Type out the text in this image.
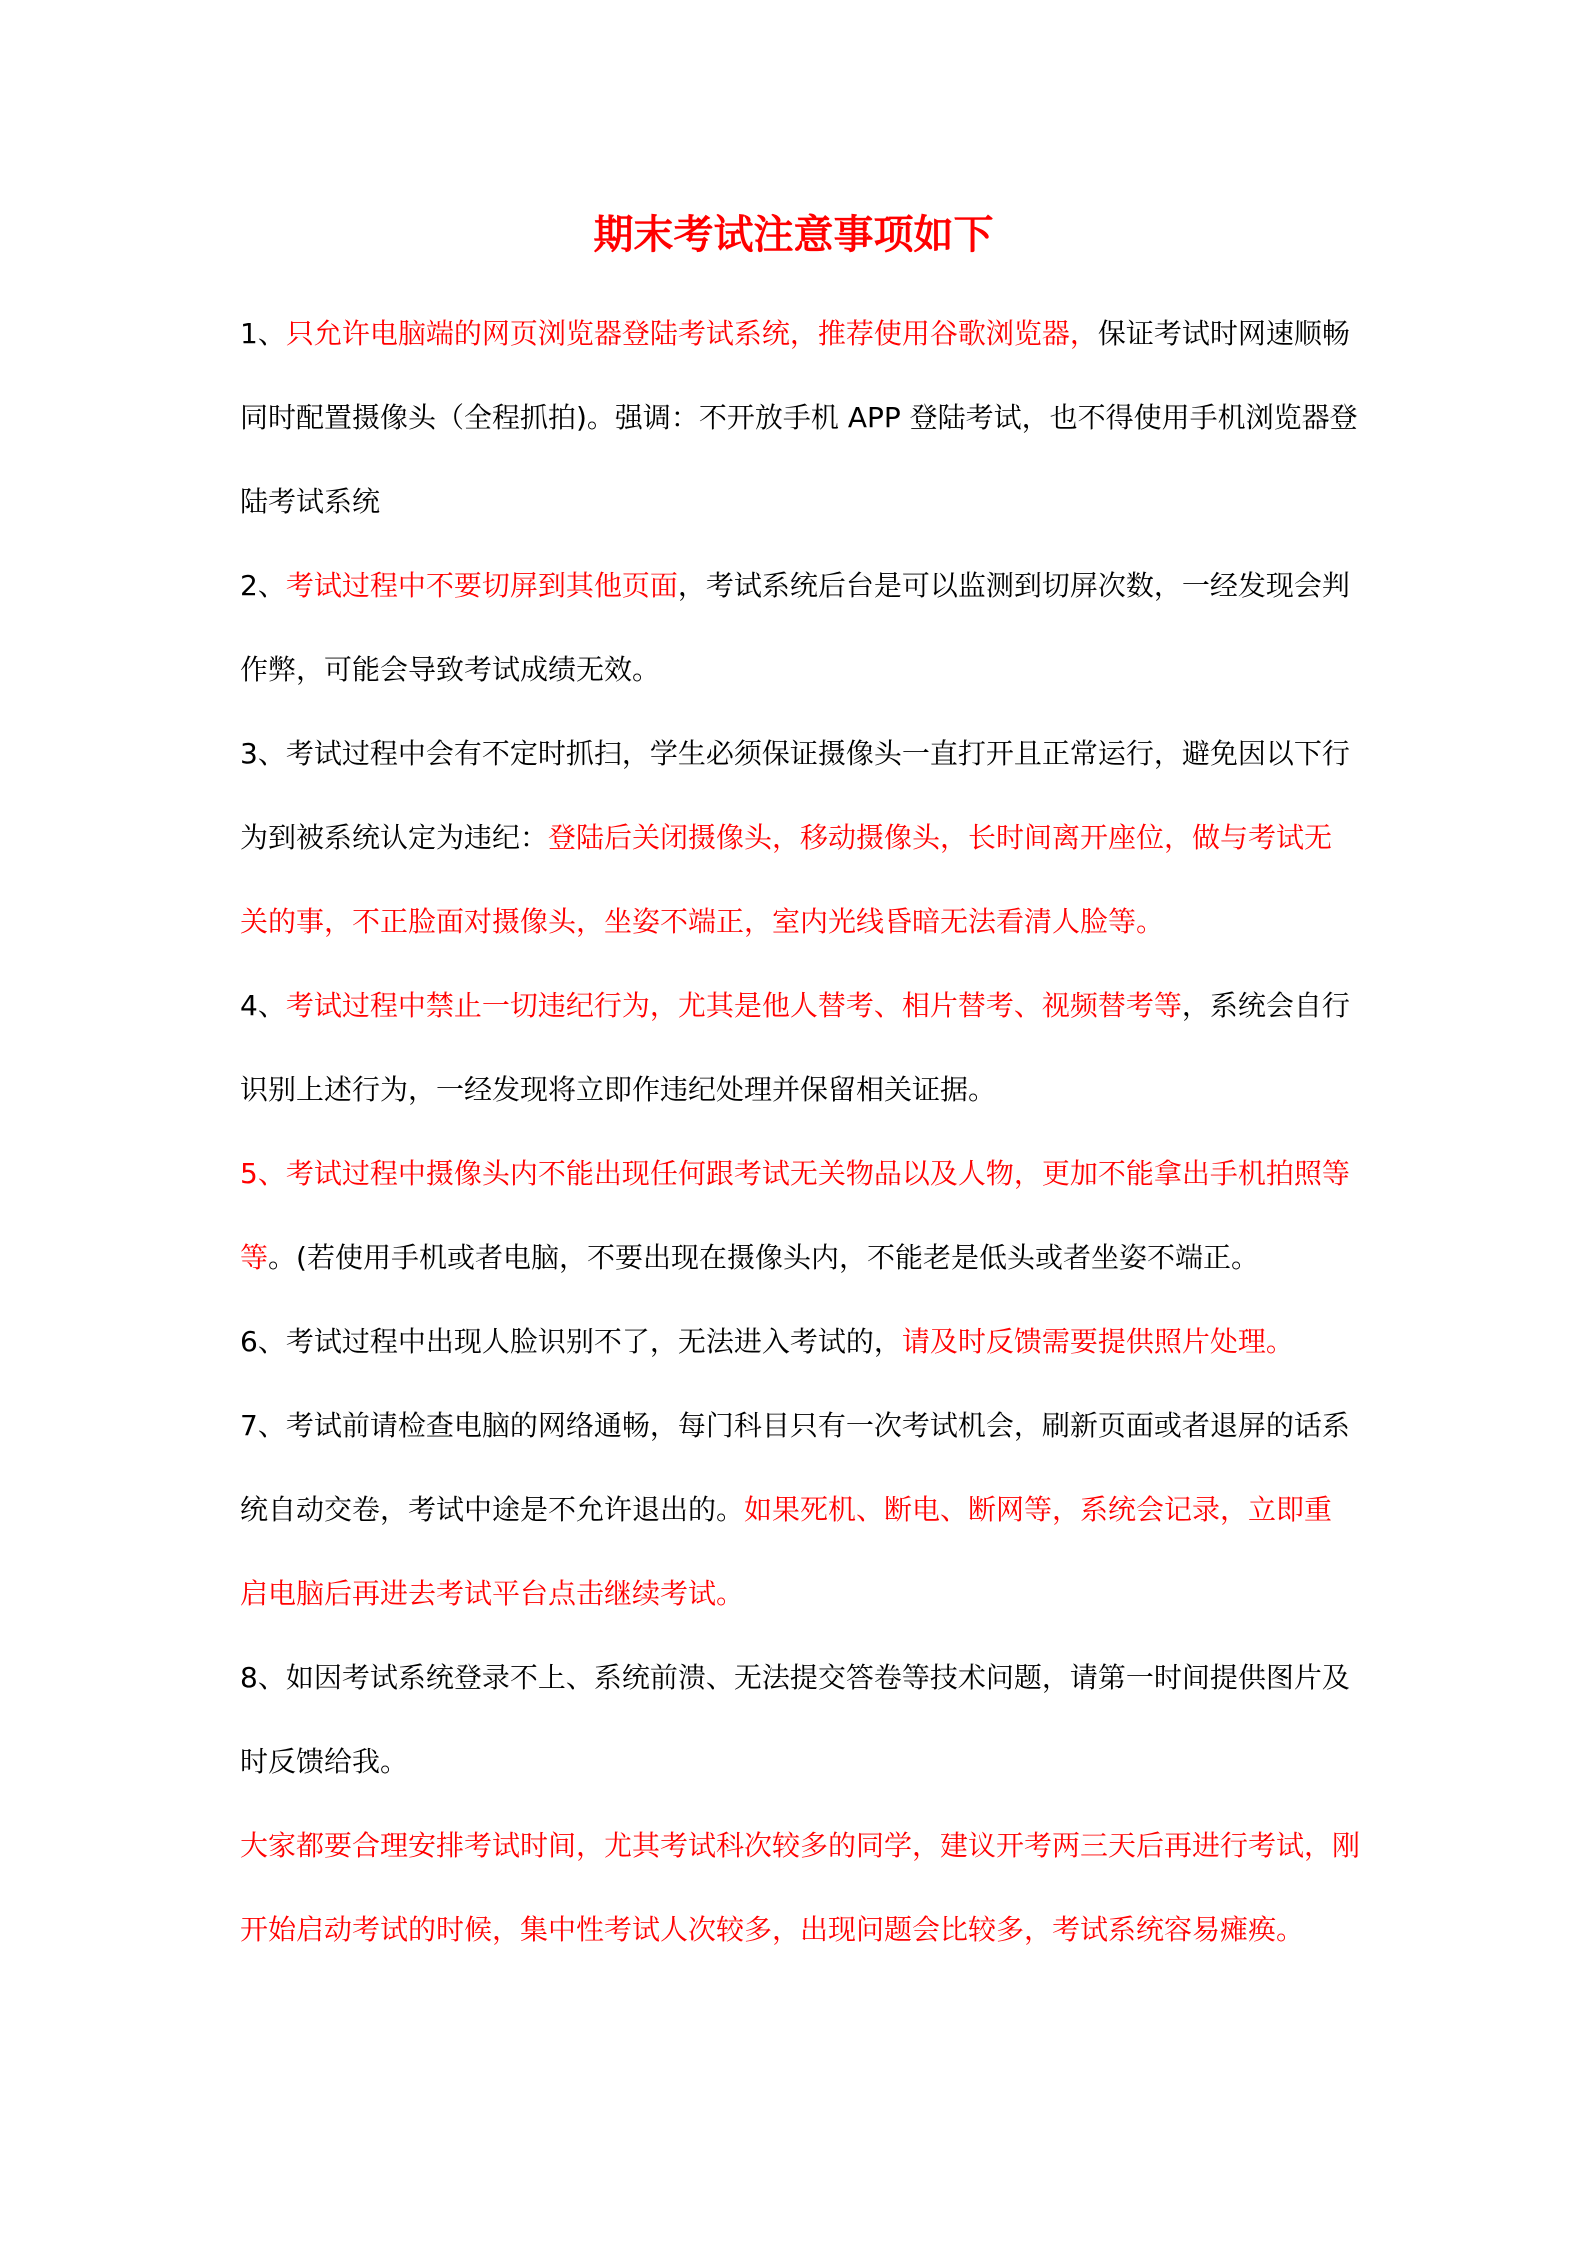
期末考试注意事项如下

1、只允许电脑端的网页浏览器登陆考试系统，推荐使用谷歌浏览器，保证考试时网速顺畅同时配置摄像头（全程抓拍)。强调：不开放手机 APP 登陆考试，也不得使用手机浏览器登陆考试系统

2、考试过程中不要切屏到其他页面，考试系统后台是可以监测到切屏次数，一经发现会判作弊，可能会导致考试成绩无效。

3、考试过程中会有不定时抓扫，学生必须保证摄像头一直打开且正常运行，避免因以下行为到被系统认定为违纪：登陆后关闭摄像头，移动摄像头，长时间离开座位，做与考试无关的事，不正脸面对摄像头，坐姿不端正，室内光线昏暗无法看清人脸等。

4、考试过程中禁止一切违纪行为，尤其是他人替考、相片替考、视频替考等，系统会自行识别上述行为，一经发现将立即作违纪处理并保留相关证据。

5、考试过程中摄像头内不能出现任何跟考试无关物品以及人物，更加不能拿出手机拍照等等。(若使用手机或者电脑，不要出现在摄像头内，不能老是低头或者坐姿不端正。

6、考试过程中出现人脸识别不了，无法进入考试的，请及时反馈需要提供照片处理。

7、考试前请检查电脑的网络通畅，每门科目只有一次考试机会，刷新页面或者退屏的话系统自动交卷，考试中途是不允许退出的。如果死机、断电、断网等，系统会记录，立即重启电脑后再进去考试平台点击继续考试。

8、如因考试系统登录不上、系统前溃、无法提交答卷等技术问题，请第一时间提供图片及时反馈给我。

大家都要合理安排考试时间，尤其考试科次较多的同学，建议开考两三天后再进行考试，刚开始启动考试的时候，集中性考试人次较多，出现问题会比较多，考试系统容易瘫痪。
